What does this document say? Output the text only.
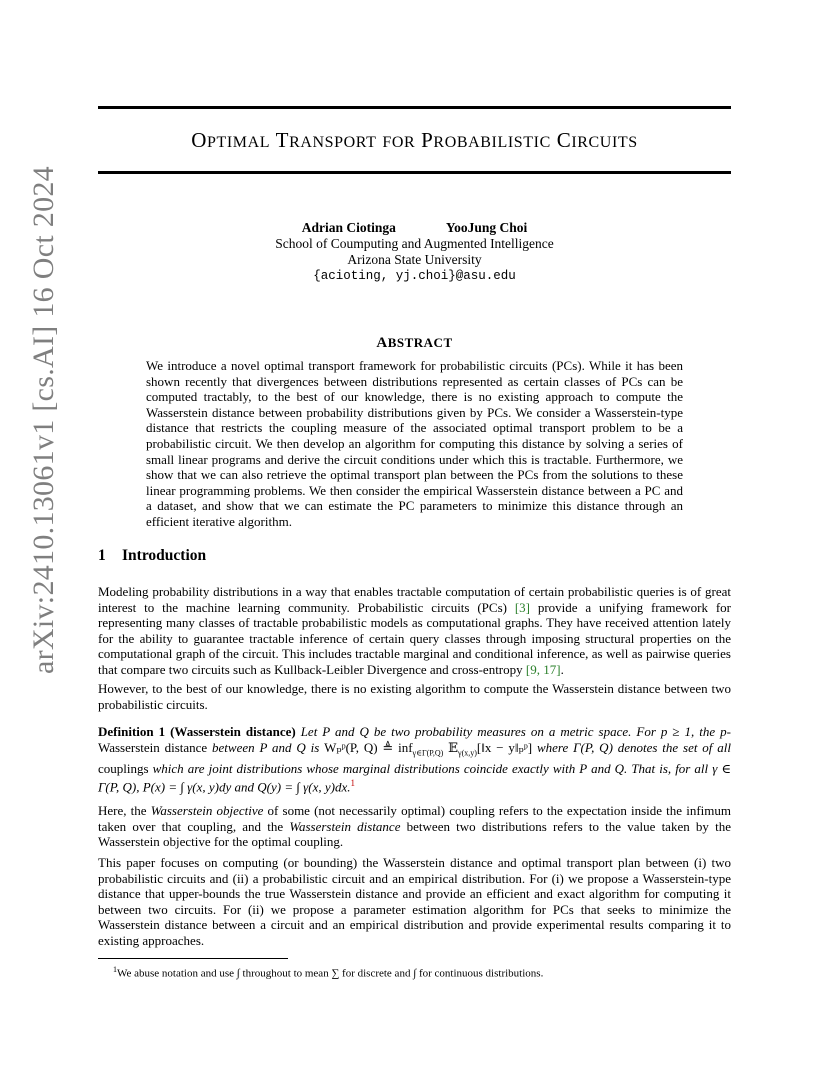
arXiv:2410.13061v1 [cs.AI] 16 Oct 2024
OPTIMAL TRANSPORT FOR PROBABILISTIC CIRCUITS
Adrian Ciotinga	YooJung Choi
School of Coumputing and Augmented Intelligence
Arizona State University
{acioting, yj.choi}@asu.edu
ABSTRACT

We introduce a novel optimal transport framework for probabilistic circuits (PCs). While it has been shown recently that divergences between distributions represented as certain classes of PCs can be computed tractably, to the best of our knowledge, there is no existing approach to compute the Wasserstein distance between probability distributions given by PCs. We consider a Wasserstein-type distance that restricts the coupling measure of the associated optimal transport problem to be a probabilistic circuit. We then develop an algorithm for computing this distance by solving a series of small linear programs and derive the circuit conditions under which this is tractable. Furthermore, we show that we can also retrieve the optimal transport plan between the PCs from the solutions to these linear programming problems. We then consider the empirical Wasserstein distance between a PC and a dataset, and show that we can estimate the PC parameters to minimize this distance through an efficient iterative algorithm.

1 Introduction

Modeling probability distributions in a way that enables tractable computation of certain probabilistic queries is of great interest to the machine learning community. Probabilistic circuits (PCs) [3] provide a unifying framework for representing many classes of tractable probabilistic models as computational graphs. They have received attention lately for the ability to guarantee tractable inference of certain query classes through imposing structural properties on the computational graph of the circuit. This includes tractable marginal and conditional inference, as well as pairwise queries that compare two circuits such as Kullback-Leibler Divergence and cross-entropy [9, 17].

However, to the best of our knowledge, there is no existing algorithm to compute the Wasserstein distance between two probabilistic circuits.

Definition 1 (Wasserstein distance) Let P and Q be two probability measures on a metric space. For p ≥ 1, the p-Wasserstein distance between P and Q is Wₚᵖ(P, Q) ≜ inf$_{\gamma\in\Gamma(P,Q)}$ 𝔼$_{\gamma(x,y)}$[‖x − y‖ₚᵖ] where Γ(P, Q) denotes the set of all couplings which are joint distributions whose marginal distributions coincide exactly with P and Q. That is, for all γ ∈ Γ(P, Q), P(x) = ∫ γ(x, y)dy and Q(y) = ∫ γ(x, y)dx.$^1$

Here, the Wasserstein objective of some (not necessarily optimal) coupling refers to the expectation inside the infimum taken over that coupling, and the Wasserstein distance between two distributions refers to the value taken by the Wasserstein objective for the optimal coupling.

This paper focuses on computing (or bounding) the Wasserstein distance and optimal transport plan between (i) two probabilistic circuits and (ii) a probabilistic circuit and an empirical distribution. For (i) we propose a Wasserstein-type distance that upper-bounds the true Wasserstein distance and provide an efficient and exact algorithm for computing it between two circuits. For (ii) we propose a parameter estimation algorithm for PCs that seeks to minimize the Wasserstein distance between a circuit and an empirical distribution and provide experimental results comparing it to existing approaches.

$^1$We abuse notation and use ∫ throughout to mean ∑ for discrete and ∫ for continuous distributions.
